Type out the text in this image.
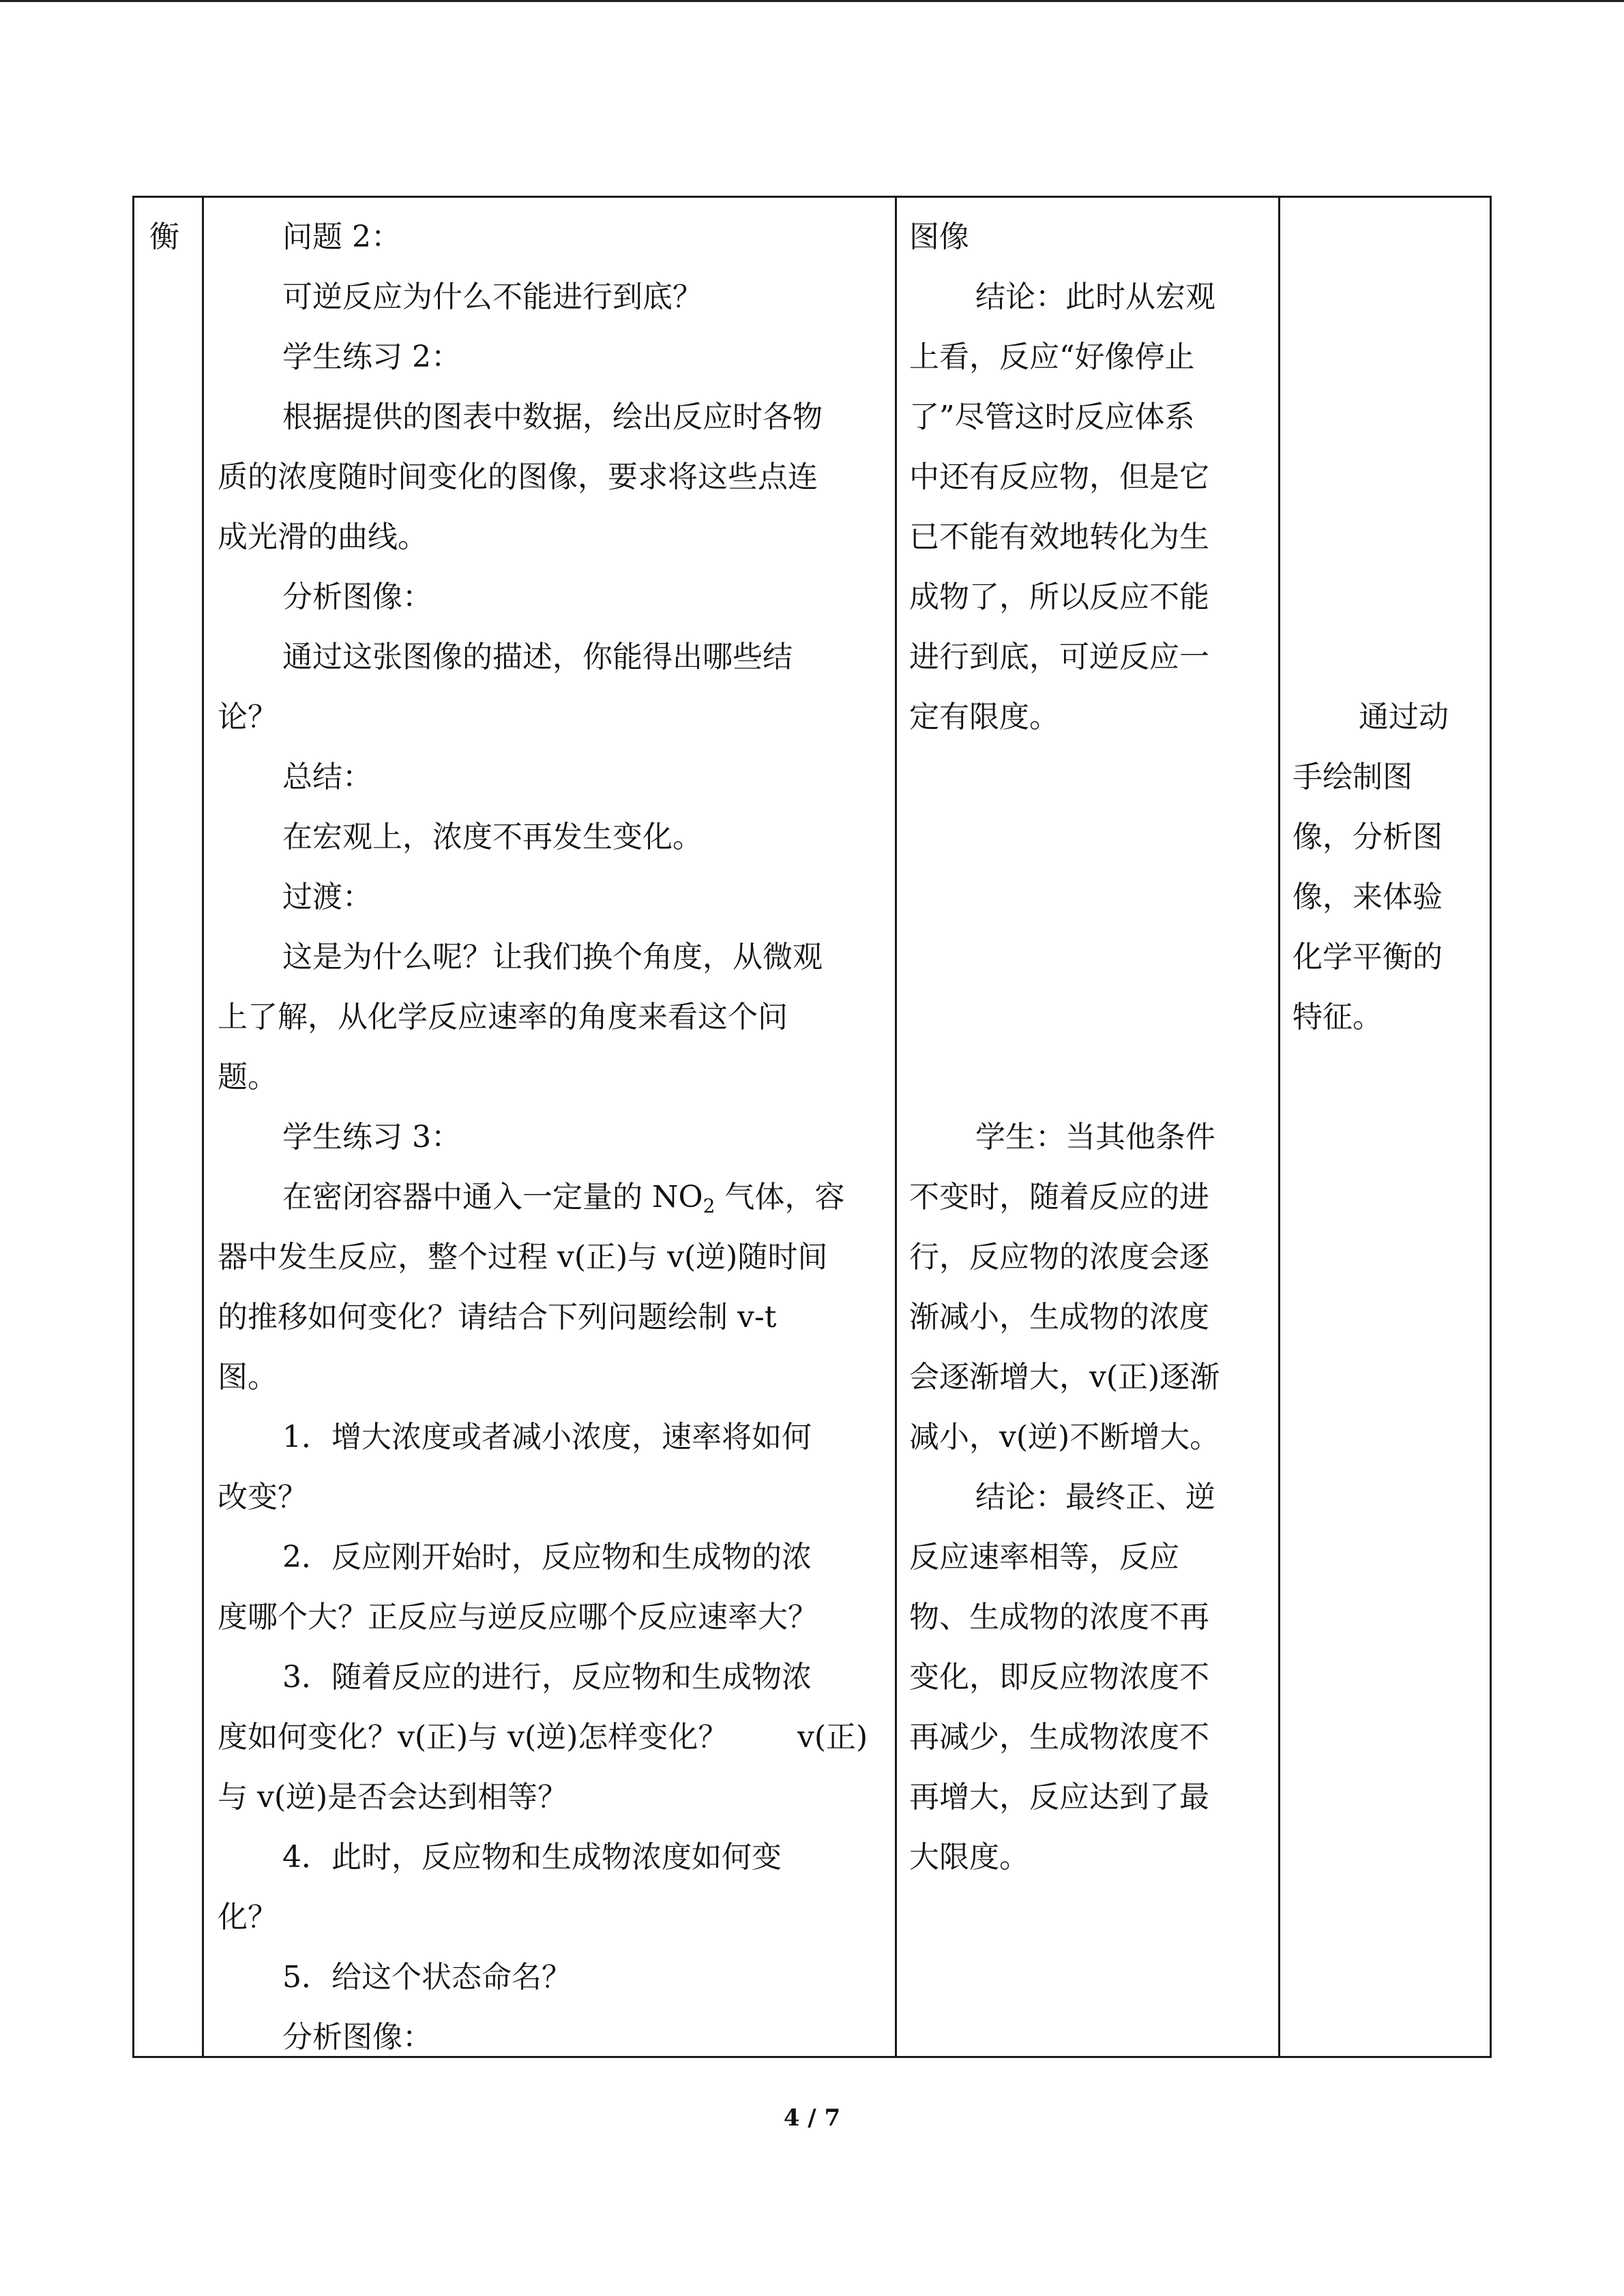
衡	问题 2：
可逆反应为什么不能进行到底？
学生练习 2：
根据提供的图表中数据，绘出反应时各物
质的浓度随时间变化的图像，要求将这些点连
成光滑的曲线。
分析图像：
通过这张图像的描述，你能得出哪些结
论？
总结：
在宏观上，浓度不再发生变化。
过渡：
这是为什么呢？让我们换个角度，从微观
上了解，从化学反应速率的角度来看这个问
题。
学生练习 3：
在密闭容器中通入一定量的 $NO_2$ 气体，容
器中发生反应，整个过程 v(正)与 v(逆)随时间
的推移如何变化？请结合下列问题绘制 v-t
图。
1．增大浓度或者减小浓度，速率将如何
改变？
2．反应刚开始时，反应物和生成物的浓
度哪个大？正反应与逆反应哪个反应速率大？
3．随着反应的进行，反应物和生成物浓
度如何变化？v(正)与 v(逆)怎样变化？ v(正)
与 v(逆)是否会达到相等？
4．此时，反应物和生成物浓度如何变
化？
5．给这个状态命名？
分析图像：
图像
结论：此时从宏观
上看，反应“好像停止
了”尽管这时反应体系
中还有反应物，但是它
已不能有效地转化为生
成物了，所以反应不能
进行到底，可逆反应一
定有限度。
学生：当其他条件
不变时，随着反应的进
行，反应物的浓度会逐
渐减小，生成物的浓度
会逐渐增大，v(正)逐渐
减小，v(逆)不断增大。
结论：最终正、逆
反应速率相等，反应
物、生成物的浓度不再
变化，即反应物浓度不
再减少，生成物浓度不
再增大，反应达到了最
大限度。
通过动
手绘制图
像，分析图
像，来体验
化学平衡的
特征。
4 / 7
